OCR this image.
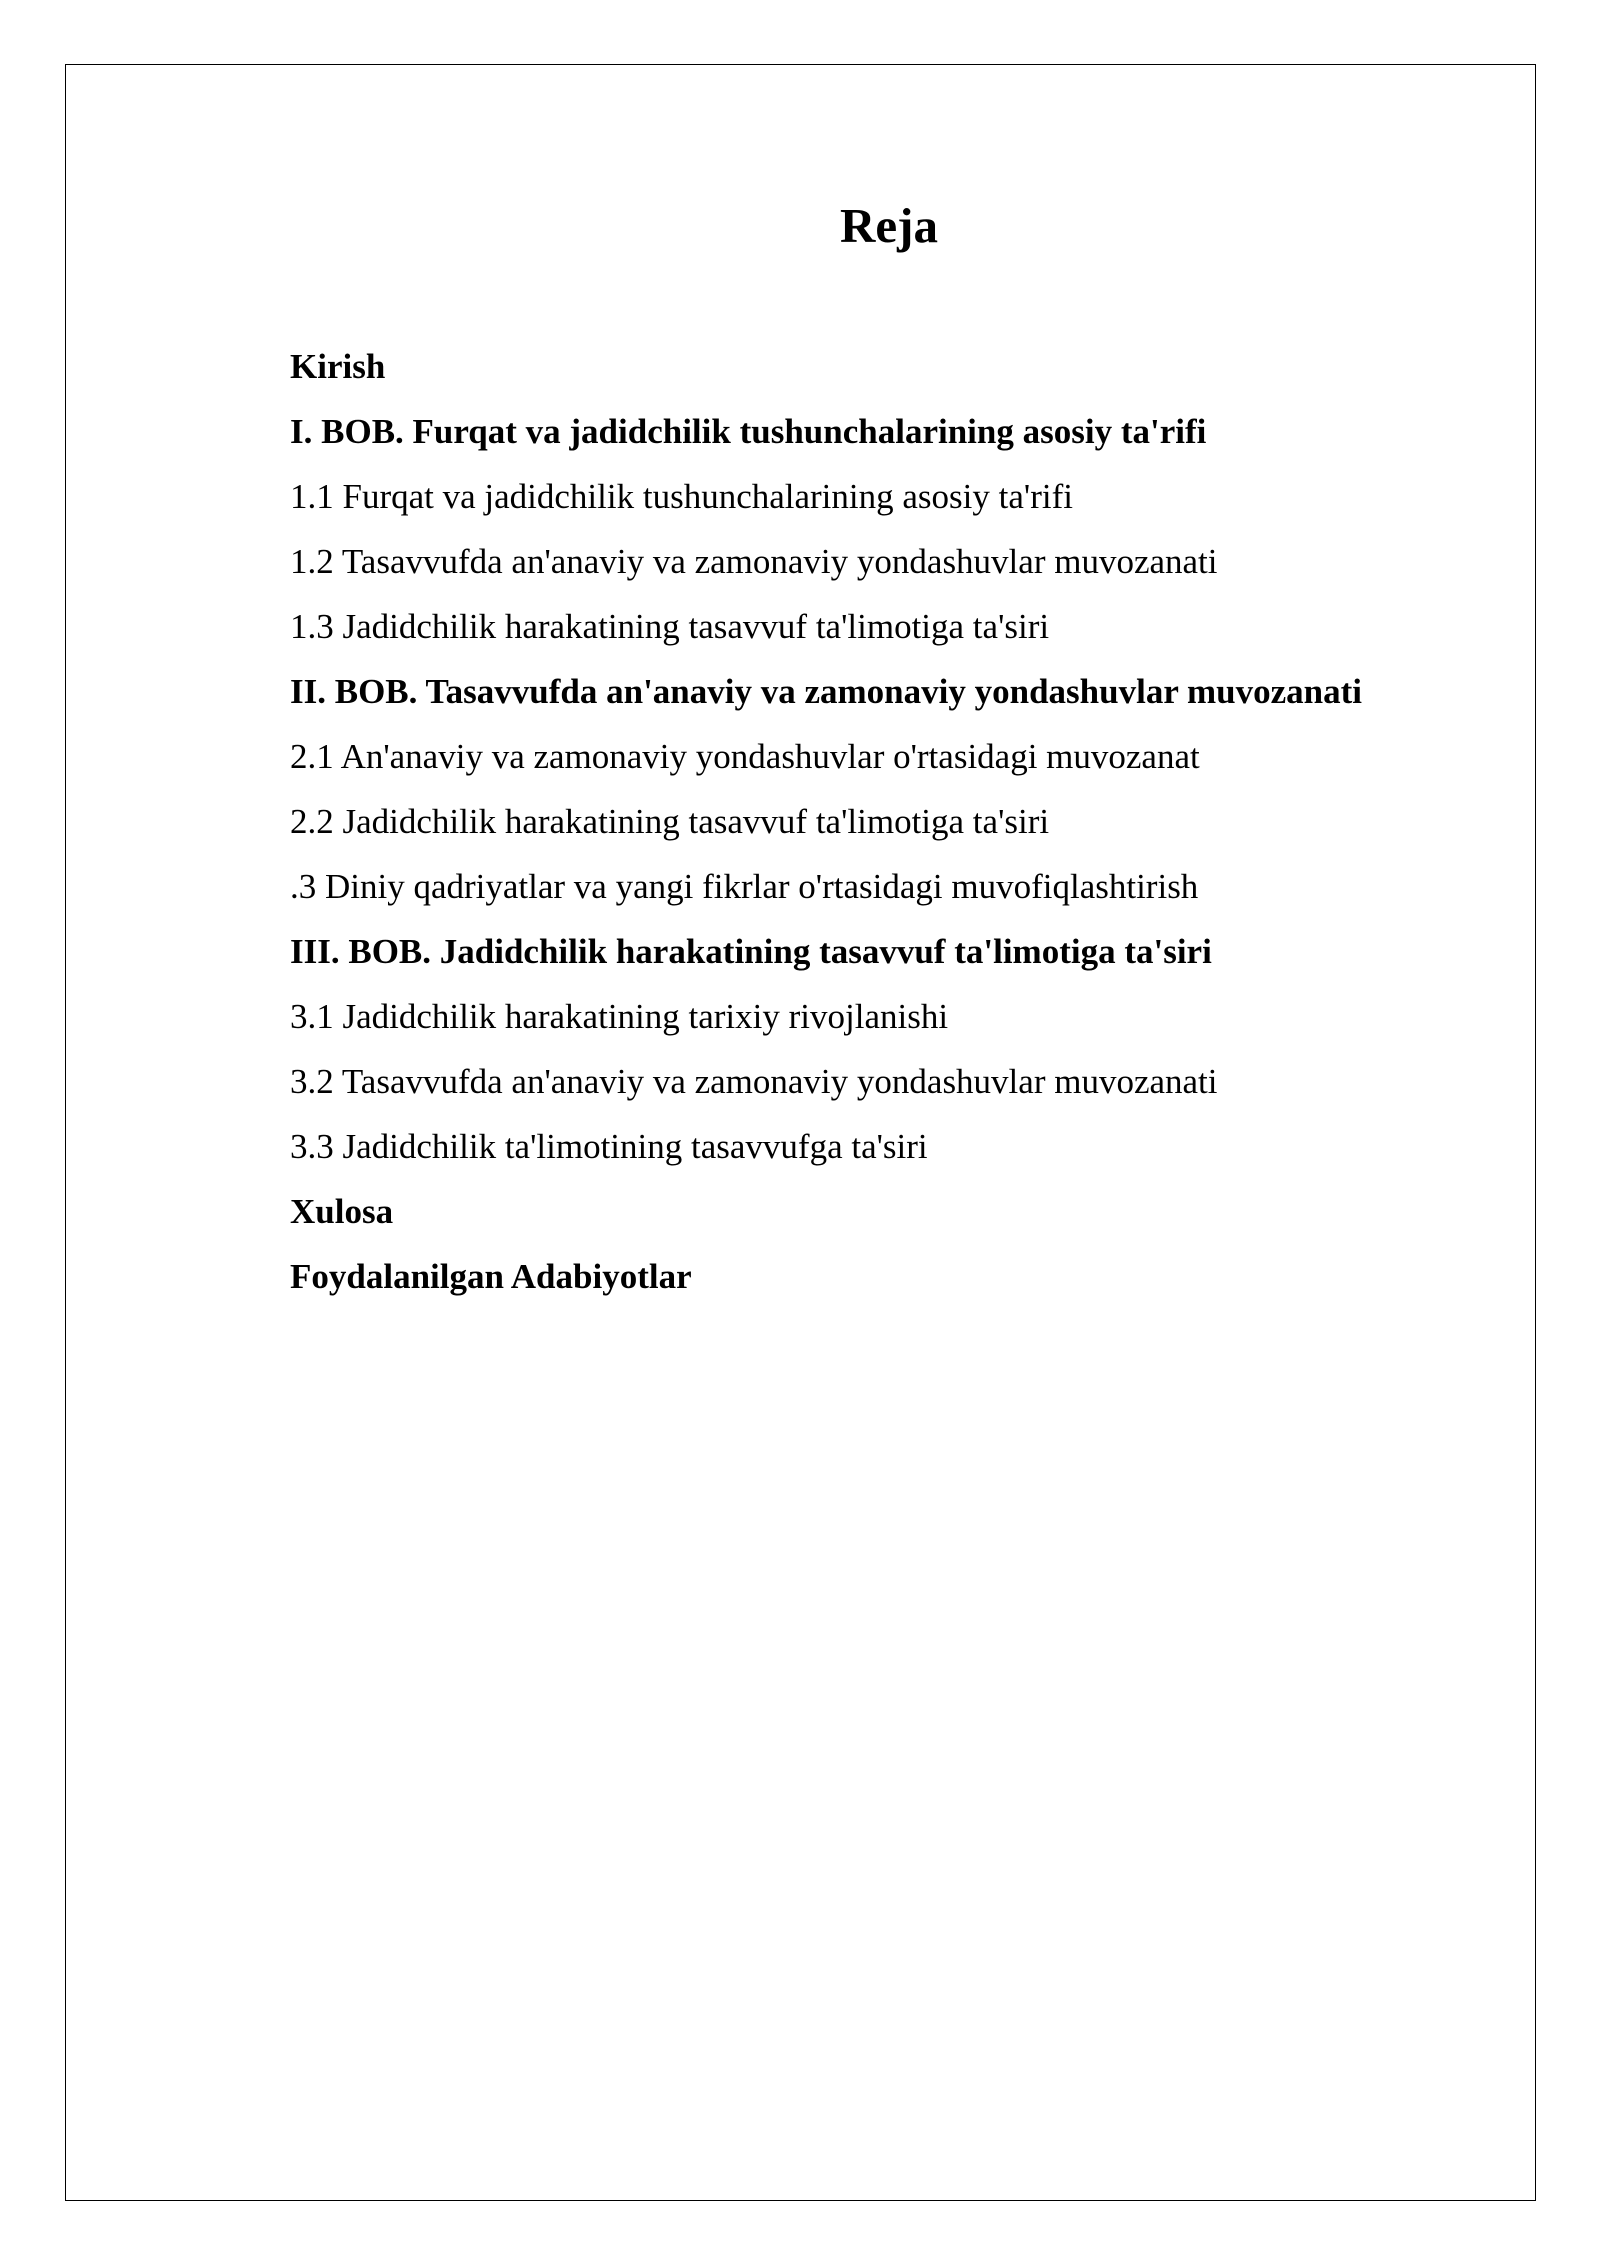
Reja
Kirish
I. BOB. Furqat va jadidchilik tushunchalarining asosiy ta'rifi
1.1 Furqat va jadidchilik tushunchalarining asosiy ta'rifi
1.2 Tasavvufda an'anaviy va zamonaviy yondashuvlar muvozanati
1.3 Jadidchilik harakatining tasavvuf ta'limotiga ta'siri
II. BOB. Tasavvufda an'anaviy va zamonaviy yondashuvlar muvozanati
2.1 An'anaviy va zamonaviy yondashuvlar o'rtasidagi muvozanat
2.2 Jadidchilik harakatining tasavvuf ta'limotiga ta'siri
.3 Diniy qadriyatlar va yangi fikrlar o'rtasidagi muvofiqlashtirish
III. BOB. Jadidchilik harakatining tasavvuf ta'limotiga ta'siri
3.1 Jadidchilik harakatining tarixiy rivojlanishi
3.2 Tasavvufda an'anaviy va zamonaviy yondashuvlar muvozanati
3.3 Jadidchilik ta'limotining tasavvufga ta'siri
Xulosa
Foydalanilgan Adabiyotlar
